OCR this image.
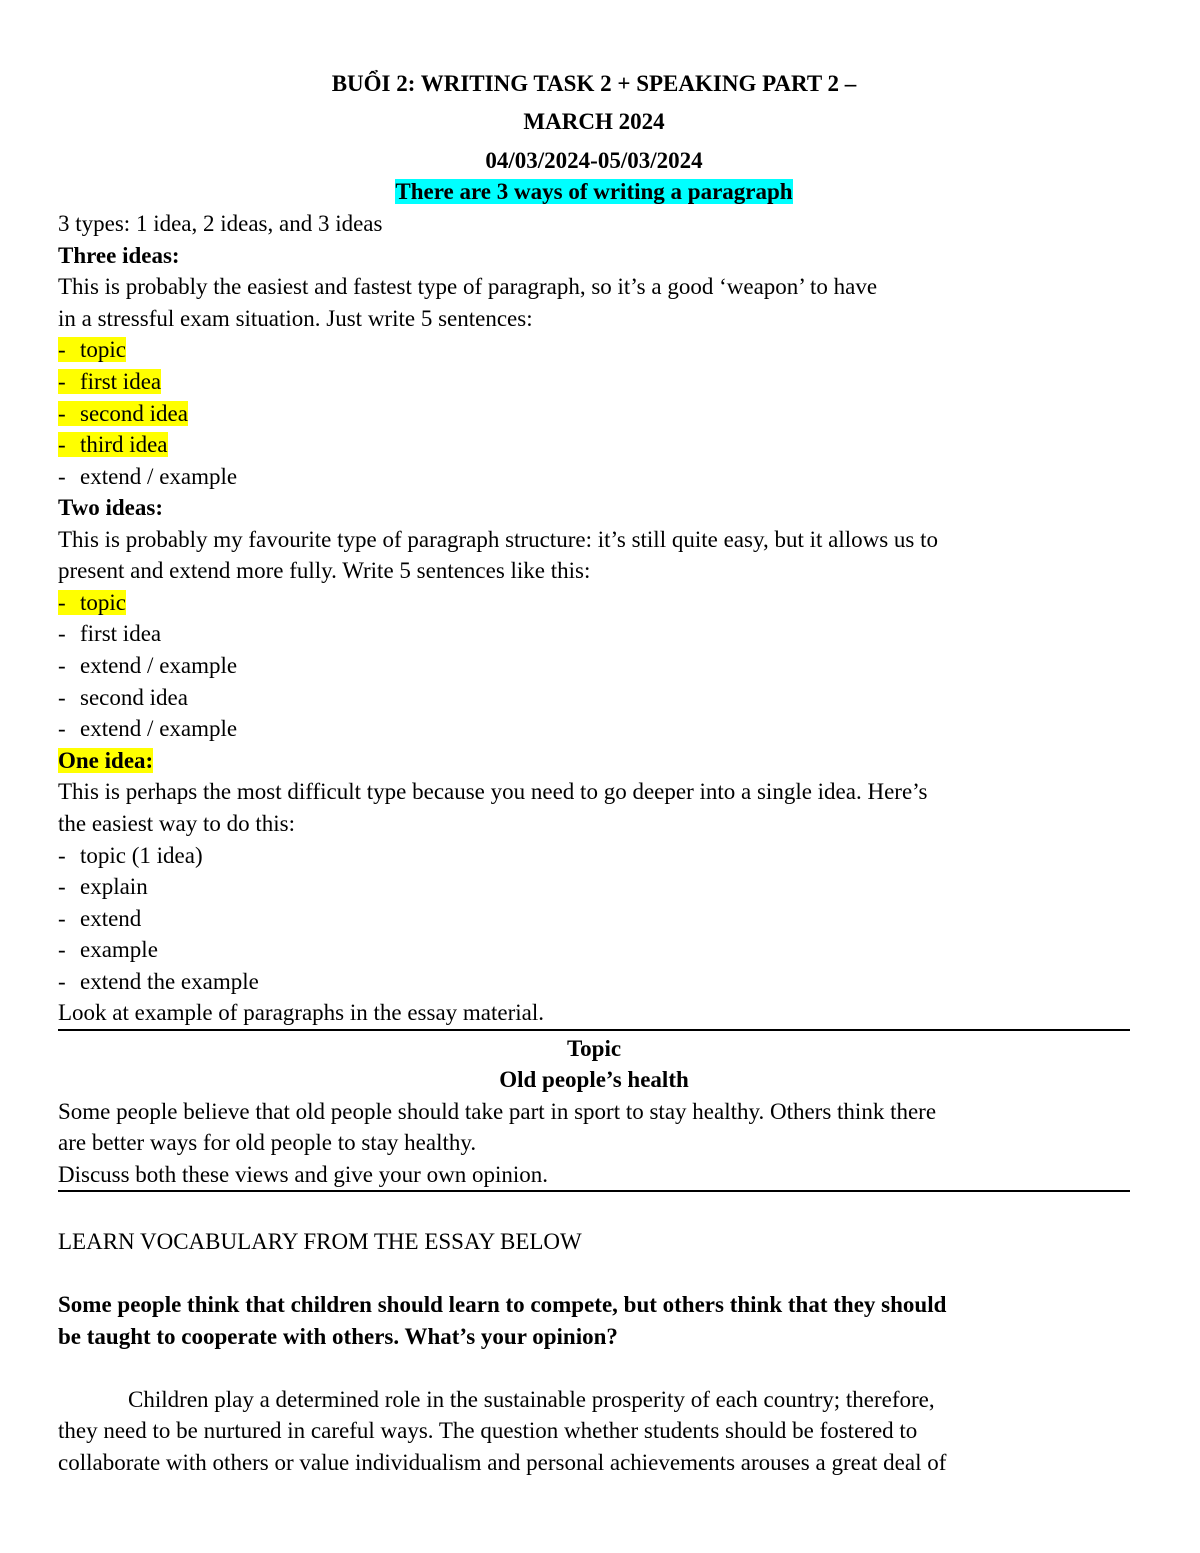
BUỔI 2: WRITING TASK 2 + SPEAKING PART 2 –
MARCH 2024
04/03/2024-05/03/2024
There are 3 ways of writing a paragraph
3 types: 1 idea, 2 ideas, and 3 ideas
Three ideas:
This is probably the easiest and fastest type of paragraph, so it’s a good ‘weapon’ to have
in a stressful exam situation. Just write 5 sentences:
- topic
- first idea
- second idea
- third idea
- extend / example
Two ideas:
This is probably my favourite type of paragraph structure: it’s still quite easy, but it allows us to
present and extend more fully. Write 5 sentences like this:
- topic
- first idea
- extend / example
- second idea
- extend / example
One idea:
This is perhaps the most difficult type because you need to go deeper into a single idea. Here’s
the easiest way to do this:
- topic (1 idea)
- explain
- extend
- example
- extend the example
Look at example of paragraphs in the essay material.
Topic
Old people’s health
Some people believe that old people should take part in sport to stay healthy. Others think there
are better ways for old people to stay healthy.
Discuss both these views and give your own opinion.
LEARN VOCABULARY FROM THE ESSAY BELOW
Some people think that children should learn to compete, but others think that they should
be taught to cooperate with others. What’s your opinion?
Children play a determined role in the sustainable prosperity of each country; therefore,
they need to be nurtured in careful ways. The question whether students should be fostered to
collaborate with others or value individualism and personal achievements arouses a great deal of
